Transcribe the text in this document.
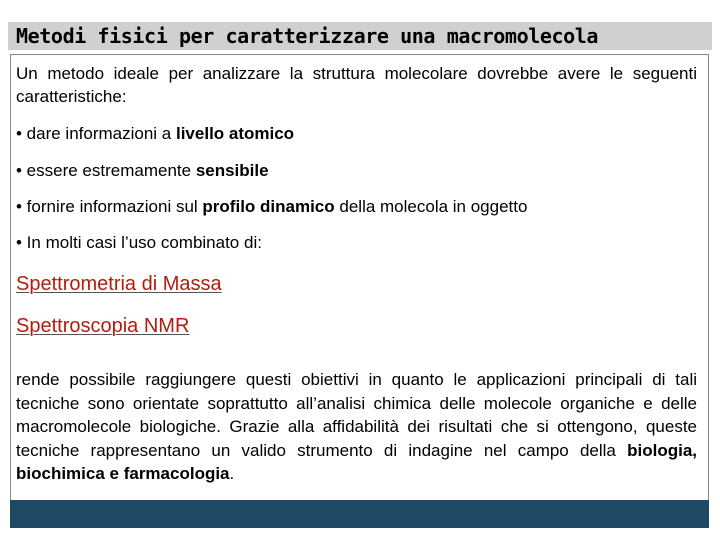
Metodi fisici per caratterizzare una macromolecola
Un metodo ideale per analizzare la struttura molecolare dovrebbe avere le seguenti caratteristiche:
• dare informazioni a livello atomico
• essere estremamente sensibile
• fornire informazioni sul profilo dinamico della molecola in oggetto
• In molti casi l’uso combinato di:
Spettrometria di Massa
Spettroscopia NMR
rende possibile raggiungere questi obiettivi in quanto le applicazioni principali di tali tecniche sono orientate soprattutto all’analisi chimica delle molecole organiche e delle macromolecole biologiche. Grazie alla affidabilità dei risultati che si ottengono, queste tecniche rappresentano un valido strumento di indagine nel campo della biologia, biochimica e farmacologia.
